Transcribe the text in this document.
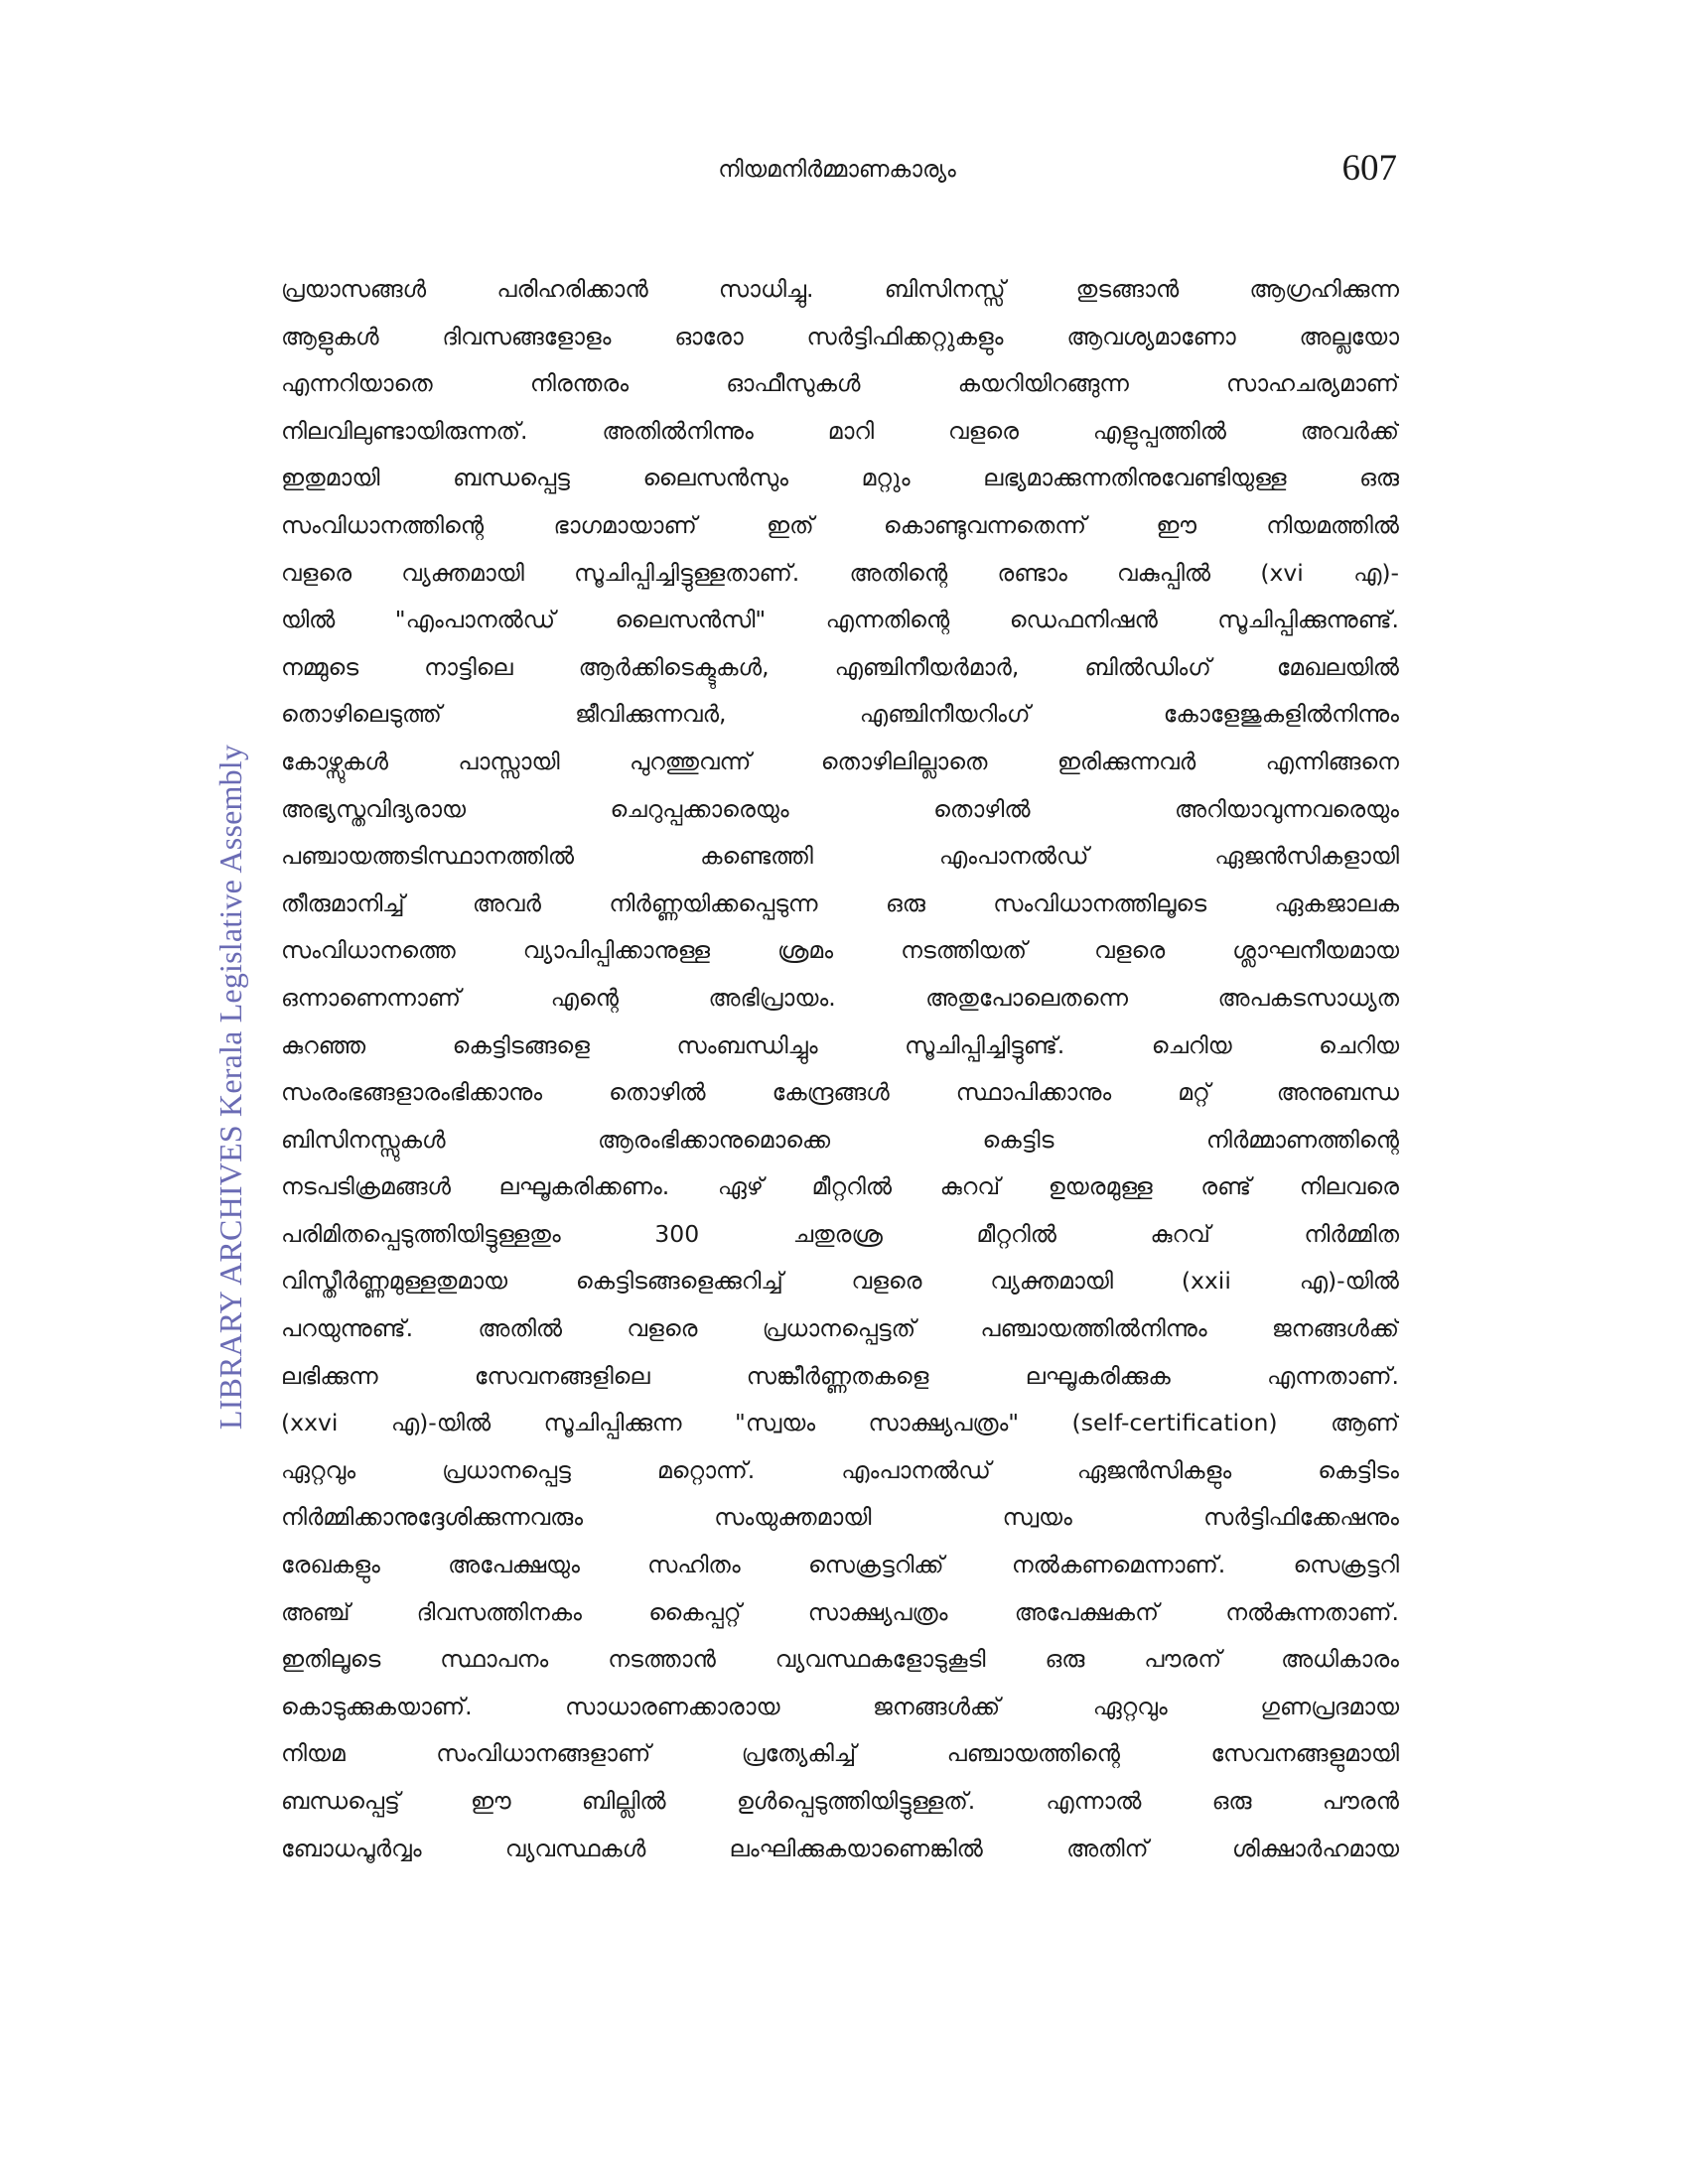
നിയമനിർമ്മാണകാര്യം	607
LIBRARY ARCHIVES Kerala Legislative Assembly
പ്രയാസങ്ങൾ പരിഹരിക്കാൻ സാധിച്ചു. ബിസിനസ്സ് തുടങ്ങാൻ ആഗ്രഹിക്കുന്ന
ആളുകൾ ദിവസങ്ങളോളം ഓരോ സർട്ടിഫിക്കറ്റുകളും ആവശ്യമാണോ അല്ലയോ
എന്നറിയാതെ നിരന്തരം ഓഫീസുകൾ കയറിയിറങ്ങുന്ന സാഹചര്യമാണ്
നിലവിലുണ്ടായിരുന്നത്. അതിൽനിന്നും മാറി വളരെ എളുപ്പത്തിൽ അവർക്ക്
ഇതുമായി ബന്ധപ്പെട്ട ലൈസൻസും മറ്റും ലഭ്യമാക്കുന്നതിനുവേണ്ടിയുള്ള ഒരു
സംവിധാനത്തിന്റെ ഭാഗമായാണ് ഇത് കൊണ്ടുവന്നതെന്ന് ഈ നിയമത്തിൽ
വളരെ വ്യക്തമായി സൂചിപ്പിച്ചിട്ടുള്ളതാണ്. അതിന്റെ രണ്ടാം വകുപ്പിൽ (xvi എ)-
യിൽ "എംപാനൽഡ് ലൈസൻസി" എന്നതിന്റെ ഡെഫനിഷൻ സൂചിപ്പിക്കുന്നുണ്ട്.
നമ്മുടെ നാട്ടിലെ ആർക്കിടെക്ടുകൾ, എഞ്ചിനീയർമാർ, ബിൽഡിംഗ് മേഖലയിൽ
തൊഴിലെടുത്ത് ജീവിക്കുന്നവർ, എഞ്ചിനീയറിംഗ് കോളേജുകളിൽനിന്നും
കോഴ്സുകൾ പാസ്സായി പുറത്തുവന്ന് തൊഴിലില്ലാതെ ഇരിക്കുന്നവർ എന്നിങ്ങനെ
അഭ്യസ്തവിദ്യരായ ചെറുപ്പക്കാരെയും തൊഴിൽ അറിയാവുന്നവരെയും
പഞ്ചായത്തടിസ്ഥാനത്തിൽ കണ്ടെത്തി എംപാനൽഡ് ഏജൻസികളായി
തീരുമാനിച്ച് അവർ നിർണ്ണയിക്കപ്പെടുന്ന ഒരു സംവിധാനത്തിലൂടെ ഏകജാലക
സംവിധാനത്തെ വ്യാപിപ്പിക്കാനുള്ള ശ്രമം നടത്തിയത് വളരെ ശ്ലാഘനീയമായ
ഒന്നാണെന്നാണ് എന്റെ അഭിപ്രായം. അതുപോലെതന്നെ അപകടസാധ്യത
കുറഞ്ഞ കെട്ടിടങ്ങളെ സംബന്ധിച്ചും സൂചിപ്പിച്ചിട്ടുണ്ട്. ചെറിയ ചെറിയ
സംരംഭങ്ങളാരംഭിക്കാനും തൊഴിൽ കേന്ദ്രങ്ങൾ സ്ഥാപിക്കാനും മറ്റ് അനുബന്ധ
ബിസിനസ്സുകൾ ആരംഭിക്കാനുമൊക്കെ കെട്ടിട നിർമ്മാണത്തിന്റെ
നടപടിക്രമങ്ങൾ ലഘൂകരിക്കണം. ഏഴ് മീറ്ററിൽ കുറവ് ഉയരമുള്ള രണ്ട് നിലവരെ
പരിമിതപ്പെടുത്തിയിട്ടുള്ളതും 300 ചതുരശ്ര മീറ്ററിൽ കുറവ് നിർമ്മിത
വിസ്തീർണ്ണമുള്ളതുമായ കെട്ടിടങ്ങളെക്കുറിച്ച് വളരെ വ്യക്തമായി (xxii എ)-യിൽ
പറയുന്നുണ്ട്. അതിൽ വളരെ പ്രധാനപ്പെട്ടത് പഞ്ചായത്തിൽനിന്നും ജനങ്ങൾക്ക്
ലഭിക്കുന്ന സേവനങ്ങളിലെ സങ്കീർണ്ണതകളെ ലഘൂകരിക്കുക എന്നതാണ്.
(xxvi എ)-യിൽ സൂചിപ്പിക്കുന്ന "സ്വയം സാക്ഷ്യപത്രം" (self-certification) ആണ്
ഏറ്റവും പ്രധാനപ്പെട്ട മറ്റൊന്ന്. എംപാനൽഡ് ഏജൻസികളും കെട്ടിടം
നിർമ്മിക്കാനുദ്ദേശിക്കുന്നവരും സംയുക്തമായി സ്വയം സർട്ടിഫിക്കേഷനും
രേഖകളും അപേക്ഷയും സഹിതം സെക്രട്ടറിക്ക് നൽകണമെന്നാണ്. സെക്രട്ടറി
അഞ്ച് ദിവസത്തിനകം കൈപ്പറ്റ് സാക്ഷ്യപത്രം അപേക്ഷകന് നൽകുന്നതാണ്.
ഇതിലൂടെ സ്ഥാപനം നടത്താൻ വ്യവസ്ഥകളോടുകൂടി ഒരു പൗരന് അധികാരം
കൊടുക്കുകയാണ്. സാധാരണക്കാരായ ജനങ്ങൾക്ക് ഏറ്റവും ഗുണപ്രദമായ
നിയമ സംവിധാനങ്ങളാണ് പ്രത്യേകിച്ച് പഞ്ചായത്തിന്റെ സേവനങ്ങളുമായി
ബന്ധപ്പെട്ട് ഈ ബില്ലിൽ ഉൾപ്പെടുത്തിയിട്ടുള്ളത്. എന്നാൽ ഒരു പൗരൻ
ബോധപൂർവ്വം വ്യവസ്ഥകൾ ലംഘിക്കുകയാണെങ്കിൽ അതിന് ശിക്ഷാർഹമായ
